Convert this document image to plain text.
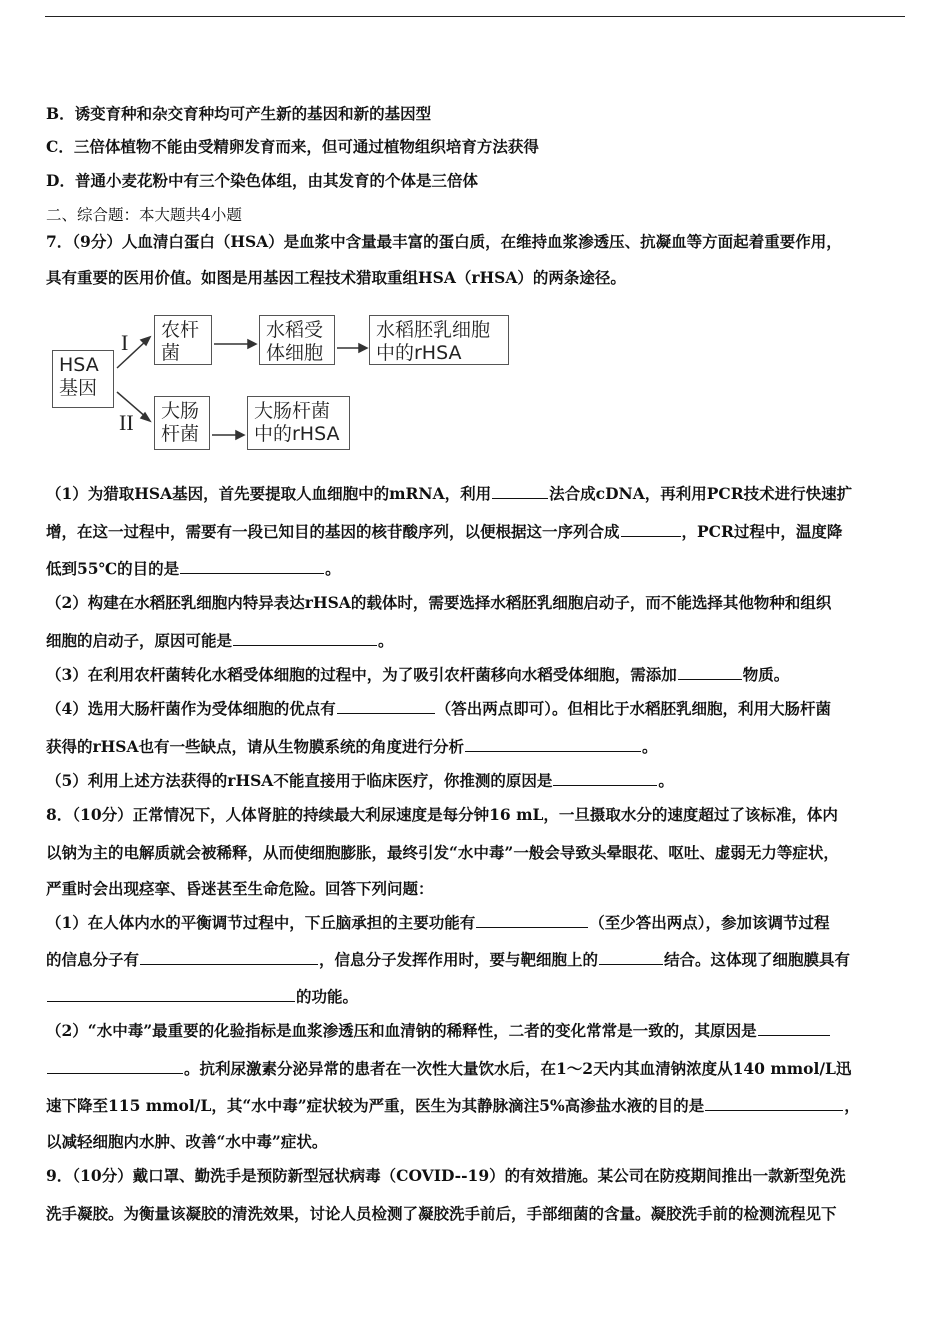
B．诱变育种和杂交育种均可产生新的基因和新的基因型
C．三倍体植物不能由受精卵发育而来，但可通过植物组织培育方法获得
D．普通小麦花粉中有三个染色体组，由其发育的个体是三倍体
二、综合题：本大题共4小题
7．（9分）人血清白蛋白（HSA）是血浆中含量最丰富的蛋白质，在维持血浆渗透压、抗凝血等方面起着重要作用，
具有重要的医用价值。如图是用基因工程技术猎取重组HSA（rHSA）的两条途径。
I
II
HSA
基因
农杆
菌
水稻受
体细胞
水稻胚乳细胞
中的rHSA
大肠
杆菌
大肠杆菌
中的rHSA
（1）为猎取HSA基因，首先要提取人血细胞中的mRNA，利用	法合成cDNA，再利用PCR技术进行快速扩
增，在这一过程中，需要有一段已知目的基因的核苷酸序列，以便根据这一序列合成	，PCR过程中，温度降
低到55℃的目的是	。
（2）构建在水稻胚乳细胞内特异表达rHSA的载体时，需要选择水稻胚乳细胞启动子，而不能选择其他物种和组织
细胞的启动子，原因可能是	。
（3）在利用农杆菌转化水稻受体细胞的过程中，为了吸引农杆菌移向水稻受体细胞，需添加	物质。
（4）选用大肠杆菌作为受体细胞的优点有	（答出两点即可）。但相比于水稻胚乳细胞，利用大肠杆菌
获得的rHSA也有一些缺点，请从生物膜系统的角度进行分析	。
（5）利用上述方法获得的rHSA不能直接用于临床医疗，你推测的原因是	。
8．（10分）正常情况下，人体肾脏的持续最大利尿速度是每分钟16 mL，一旦摄取水分的速度超过了该标准，体内
以钠为主的电解质就会被稀释，从而使细胞膨胀，最终引发“水中毒”一般会导致头晕眼花、呕吐、虚弱无力等症状，
严重时会出现痉挛、昏迷甚至生命危险。回答下列问题：
（1）在人体内水的平衡调节过程中，下丘脑承担的主要功能有	（至少答出两点），参加该调节过程
的信息分子有	，信息分子发挥作用时，要与靶细胞上的	结合。这体现了细胞膜具有
的功能。
（2）“水中毒”最重要的化验指标是血浆渗透压和血清钠的稀释性，二者的变化常常是一致的，其原因是
。抗利尿激素分泌异常的患者在一次性大量饮水后，在1～2天内其血清钠浓度从140 mmol/L迅
速下降至115 mmol/L，其“水中毒”症状较为严重，医生为其静脉滴注5%高渗盐水液的目的是	，
以减轻细胞内水肿、改善“水中毒”症状。
9．（10分）戴口罩、勤洗手是预防新型冠状病毒（COVID--19）的有效措施。某公司在防疫期间推出一款新型免洗
洗手凝胶。为衡量该凝胶的清洗效果，讨论人员检测了凝胶洗手前后，手部细菌的含量。凝胶洗手前的检测流程见下
